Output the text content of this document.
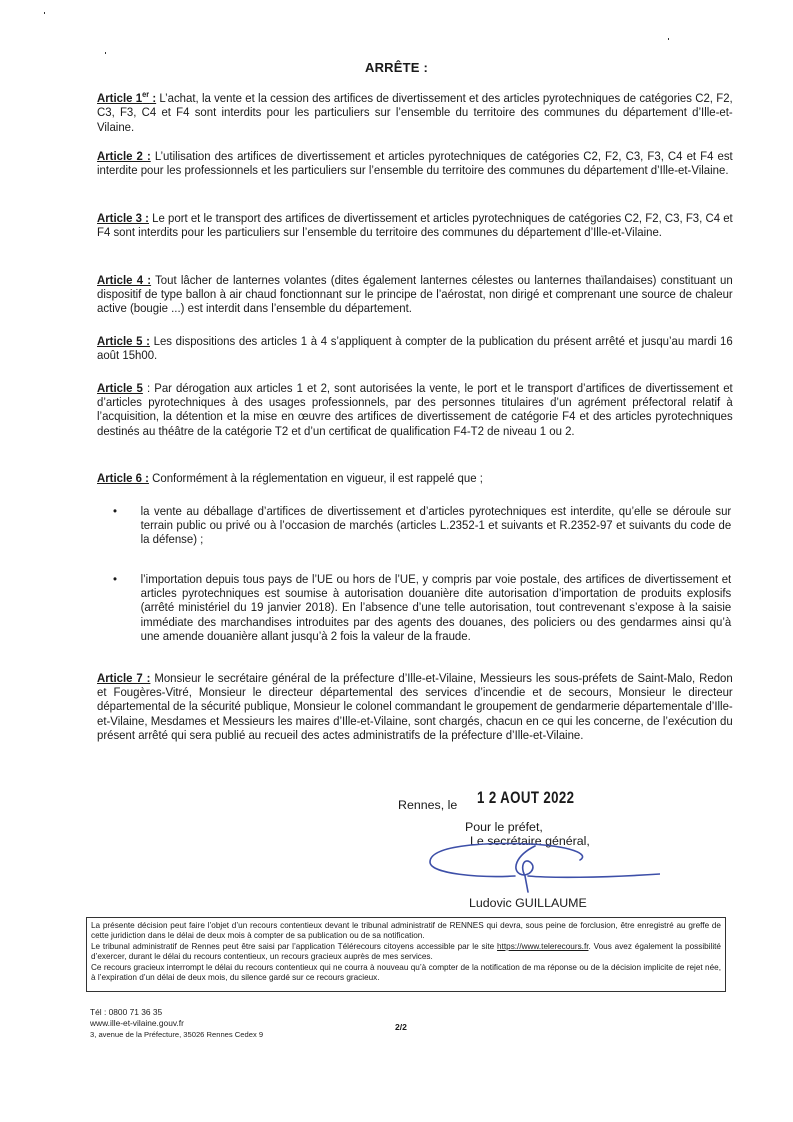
ARRÊTE :
Article 1er : L’achat, la vente et la cession des artifices de divertissement et des articles pyrotechniques de catégories C2, F2, C3, F3, C4 et F4 sont interdits pour les particuliers sur l’ensemble du territoire des communes du département d’Ille-et-Vilaine.
Article 2 : L’utilisation des artifices de divertissement et articles pyrotechniques de catégories C2, F2, C3, F3, C4 et F4 est interdite pour les professionnels et les particuliers sur l’ensemble du territoire des communes du département d’Ille-et-Vilaine.
Article 3 : Le port et le transport des artifices de divertissement et articles pyrotechniques de catégories C2, F2, C3, F3, C4 et F4 sont interdits pour les particuliers sur l’ensemble du territoire des communes du département d’Ille-et-Vilaine.
Article 4 : Tout lâcher de lanternes volantes (dites également lanternes célestes ou lanternes thaïlandaises) constituant un dispositif de type ballon à air chaud fonctionnant sur le principe de l’aérostat, non dirigé et comprenant une source de chaleur active (bougie ...) est interdit dans l’ensemble du département.
Article 5 : Les dispositions des articles 1 à 4 s’appliquent à compter de la publication du présent arrêté et jusqu’au mardi 16 août 15h00.
Article 5 : Par dérogation aux articles 1 et 2, sont autorisées la vente, le port et le transport d’artifices de divertissement et d’articles pyrotechniques à des usages professionnels, par des personnes titulaires d’un agrément préfectoral relatif à l’acquisition, la détention et la mise en œuvre des artifices de divertissement de catégorie F4 et des articles pyrotechniques destinés au théâtre de la catégorie T2 et d’un certificat de qualification F4-T2 de niveau 1 ou 2.
Article 6 : Conformément à la réglementation en vigueur, il est rappelé que ;
• la vente au déballage d’artifices de divertissement et d’articles pyrotechniques est interdite, qu’elle se déroule sur terrain public ou privé ou à l’occasion de marchés (articles L.2352-1 et suivants et R.2352-97 et suivants du code de la défense) ;
• l’importation depuis tous pays de l’UE ou hors de l’UE, y compris par voie postale, des artifices de divertissement et articles pyrotechniques est soumise à autorisation douanière dite autorisation d’importation de produits explosifs (arrêté ministériel du 19 janvier 2018). En l’absence d’une telle autorisation, tout contrevenant s’expose à la saisie immédiate des marchandises introduites par des agents des douanes, des policiers ou des gendarmes ainsi qu’à une amende douanière allant jusqu’à 2 fois la valeur de la fraude.
Article 7 : Monsieur le secrétaire général de la préfecture d’Ille-et-Vilaine, Messieurs les sous-préfets de Saint-Malo, Redon et Fougères-Vitré, Monsieur le directeur départemental des services d’incendie et de secours, Monsieur le directeur départemental de la sécurité publique, Monsieur le colonel commandant le groupement de gendarmerie départementale d’Ille-et-Vilaine, Mesdames et Messieurs les maires d’Ille-et-Vilaine, sont chargés, chacun en ce qui les concerne, de l’exécution du présent arrêté qui sera publié au recueil des actes administratifs de la préfecture d’Ille-et-Vilaine.
Rennes, le 1 2 AOUT 2022
Pour le préfet,
Le secrétaire général,
Ludovic GUILLAUME

La présente décision peut faire l’objet d’un recours contentieux devant le tribunal administratif de RENNES qui devra, sous peine de forclusion, être enregistré au greffe de cette juridiction dans le délai de deux mois à compter de sa publication ou de sa notification.

Le tribunal administratif de Rennes peut être saisi par l’application Télérecours citoyens accessible par le site https://www.telerecours.fr. Vous avez également la possibilité d’exercer, durant le délai du recours contentieux, un recours gracieux auprès de mes services.

Ce recours gracieux interrompt le délai du recours contentieux qui ne courra à nouveau qu’à compter de la notification de ma réponse ou de la décision implicite de rejet née, à l’expiration d’un délai de deux mois, du silence gardé sur ce recours gracieux.

Tél : 0800 71 36 35
www.ille-et-vilaine.gouv.fr
3, avenue de la Préfecture, 35026 Rennes Cedex 9
2/2
